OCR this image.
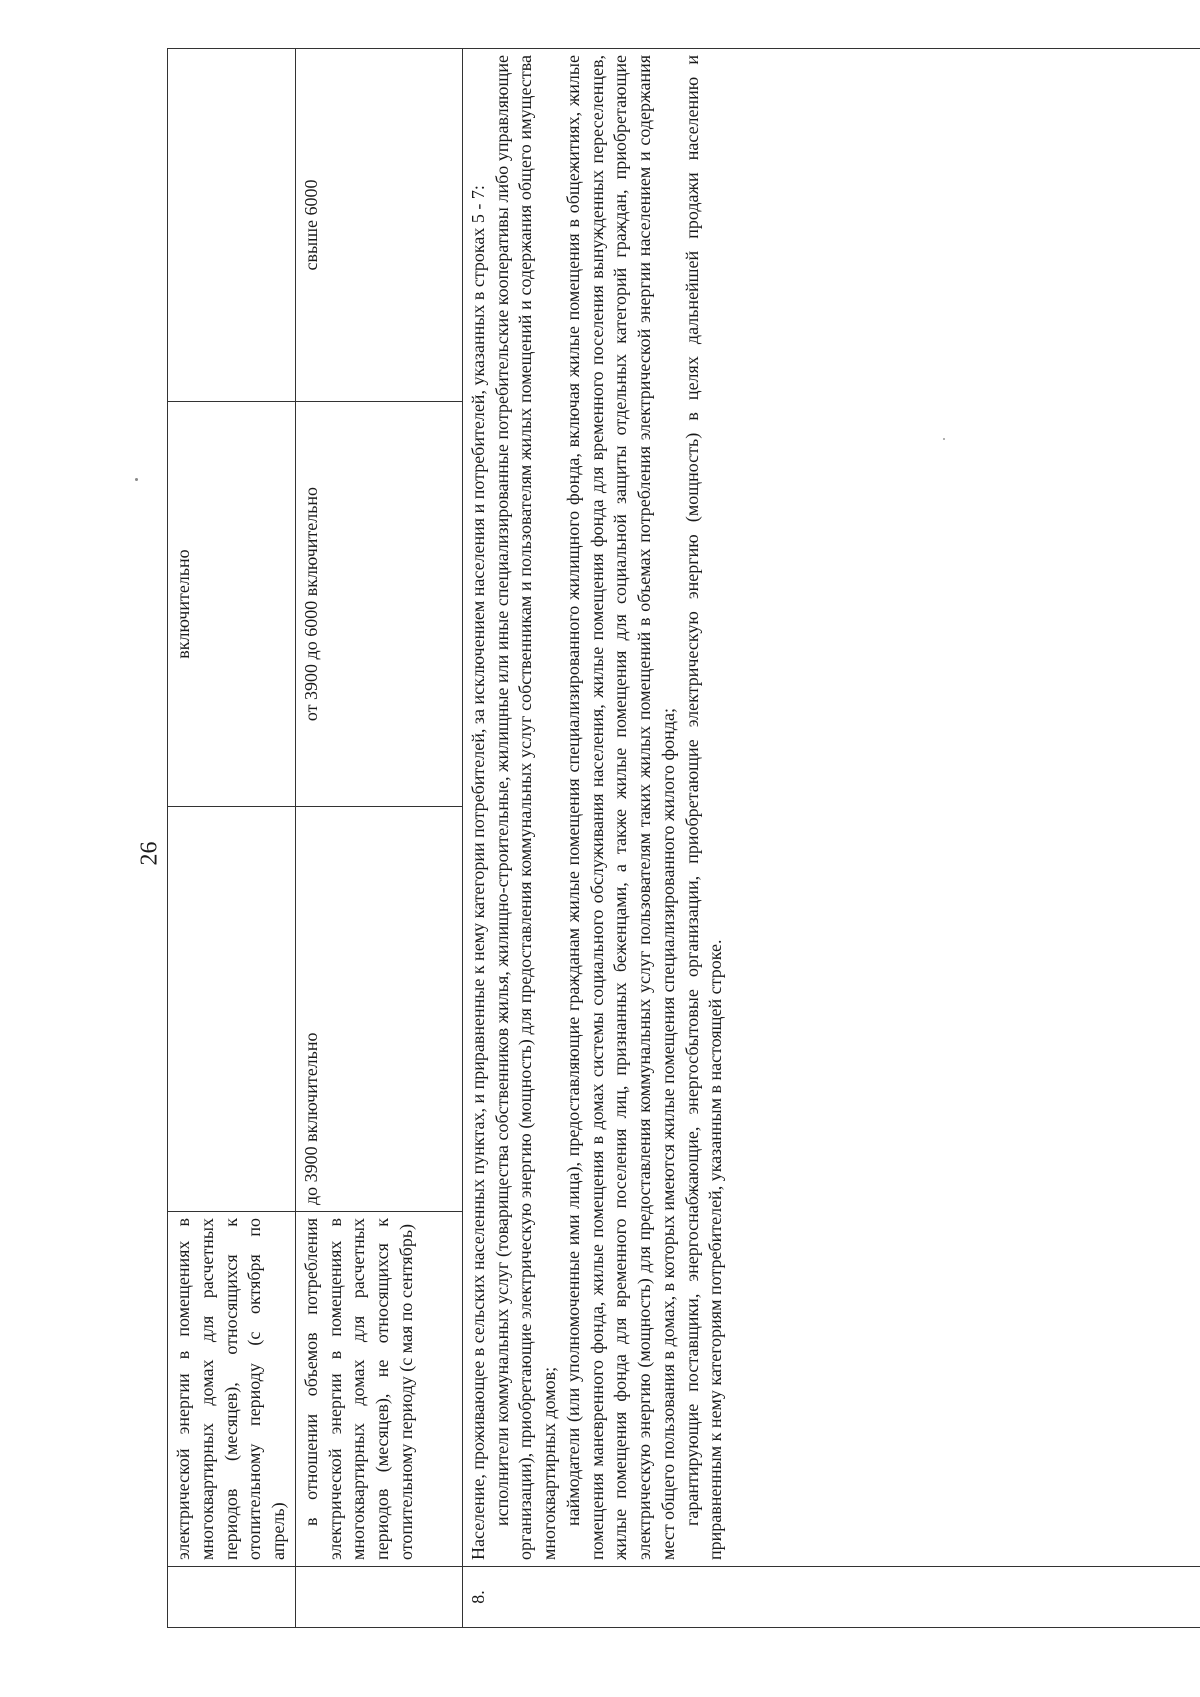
26
	электрической энергии в помещениях в многоквартирных домах для расчетных периодов (месяцев), относящихся к отопительному периоду (с октября по апрель)		включительно	

	в отношении объемов потребления электрической энергии в помещениях в многоквартирных домах для расчетных периодов (месяцев), не относящихся к отопительному периоду (с мая по сентябрь)	до 3900 включительно	от 3900 до 6000 включительно	свыше 6000
8.	Население, проживающее в сельских населенных пунктах, и приравненные к нему категории потребителей, за исключением населения и потребителей, указанных в строках 5 - 7: исполнители коммунальных услуг (товарищества собственников жилья, жилищно-строительные, жилищные или иные специализированные потребительские кооперативы либо управляющие организации), приобретающие электрическую энергию (мощность) для предоставления коммунальных услуг собственникам и пользователям жилых помещений и содержания общего имущества многоквартирных домов; наймодатели (или уполномоченные ими лица), предоставляющие гражданам жилые помещения специализированного жилищного фонда, включая жилые помещения в общежитиях, жилые помещения маневренного фонда, жилые помещения в домах системы социального обслуживания населения, жилые помещения фонда для временного поселения вынужденных переселенцев, жилые помещения фонда для временного поселения лиц, признанных беженцами, а также жилые помещения для социальной защиты отдельных категорий граждан, приобретающие электрическую энергию (мощность) для предоставления коммунальных услуг пользователям таких жилых помещений в объемах потребления электрической энергии населением и содержания мест общего пользования в домах, в которых имеются жилые помещения специализированного жилого фонда; гарантирующие поставщики, энергоснабжающие, энергосбытовые организации, приобретающие электрическую энергию (мощность) в целях дальнейшей продажи населению и приравненным к нему категориям потребителей, указанным в настоящей строке.			
